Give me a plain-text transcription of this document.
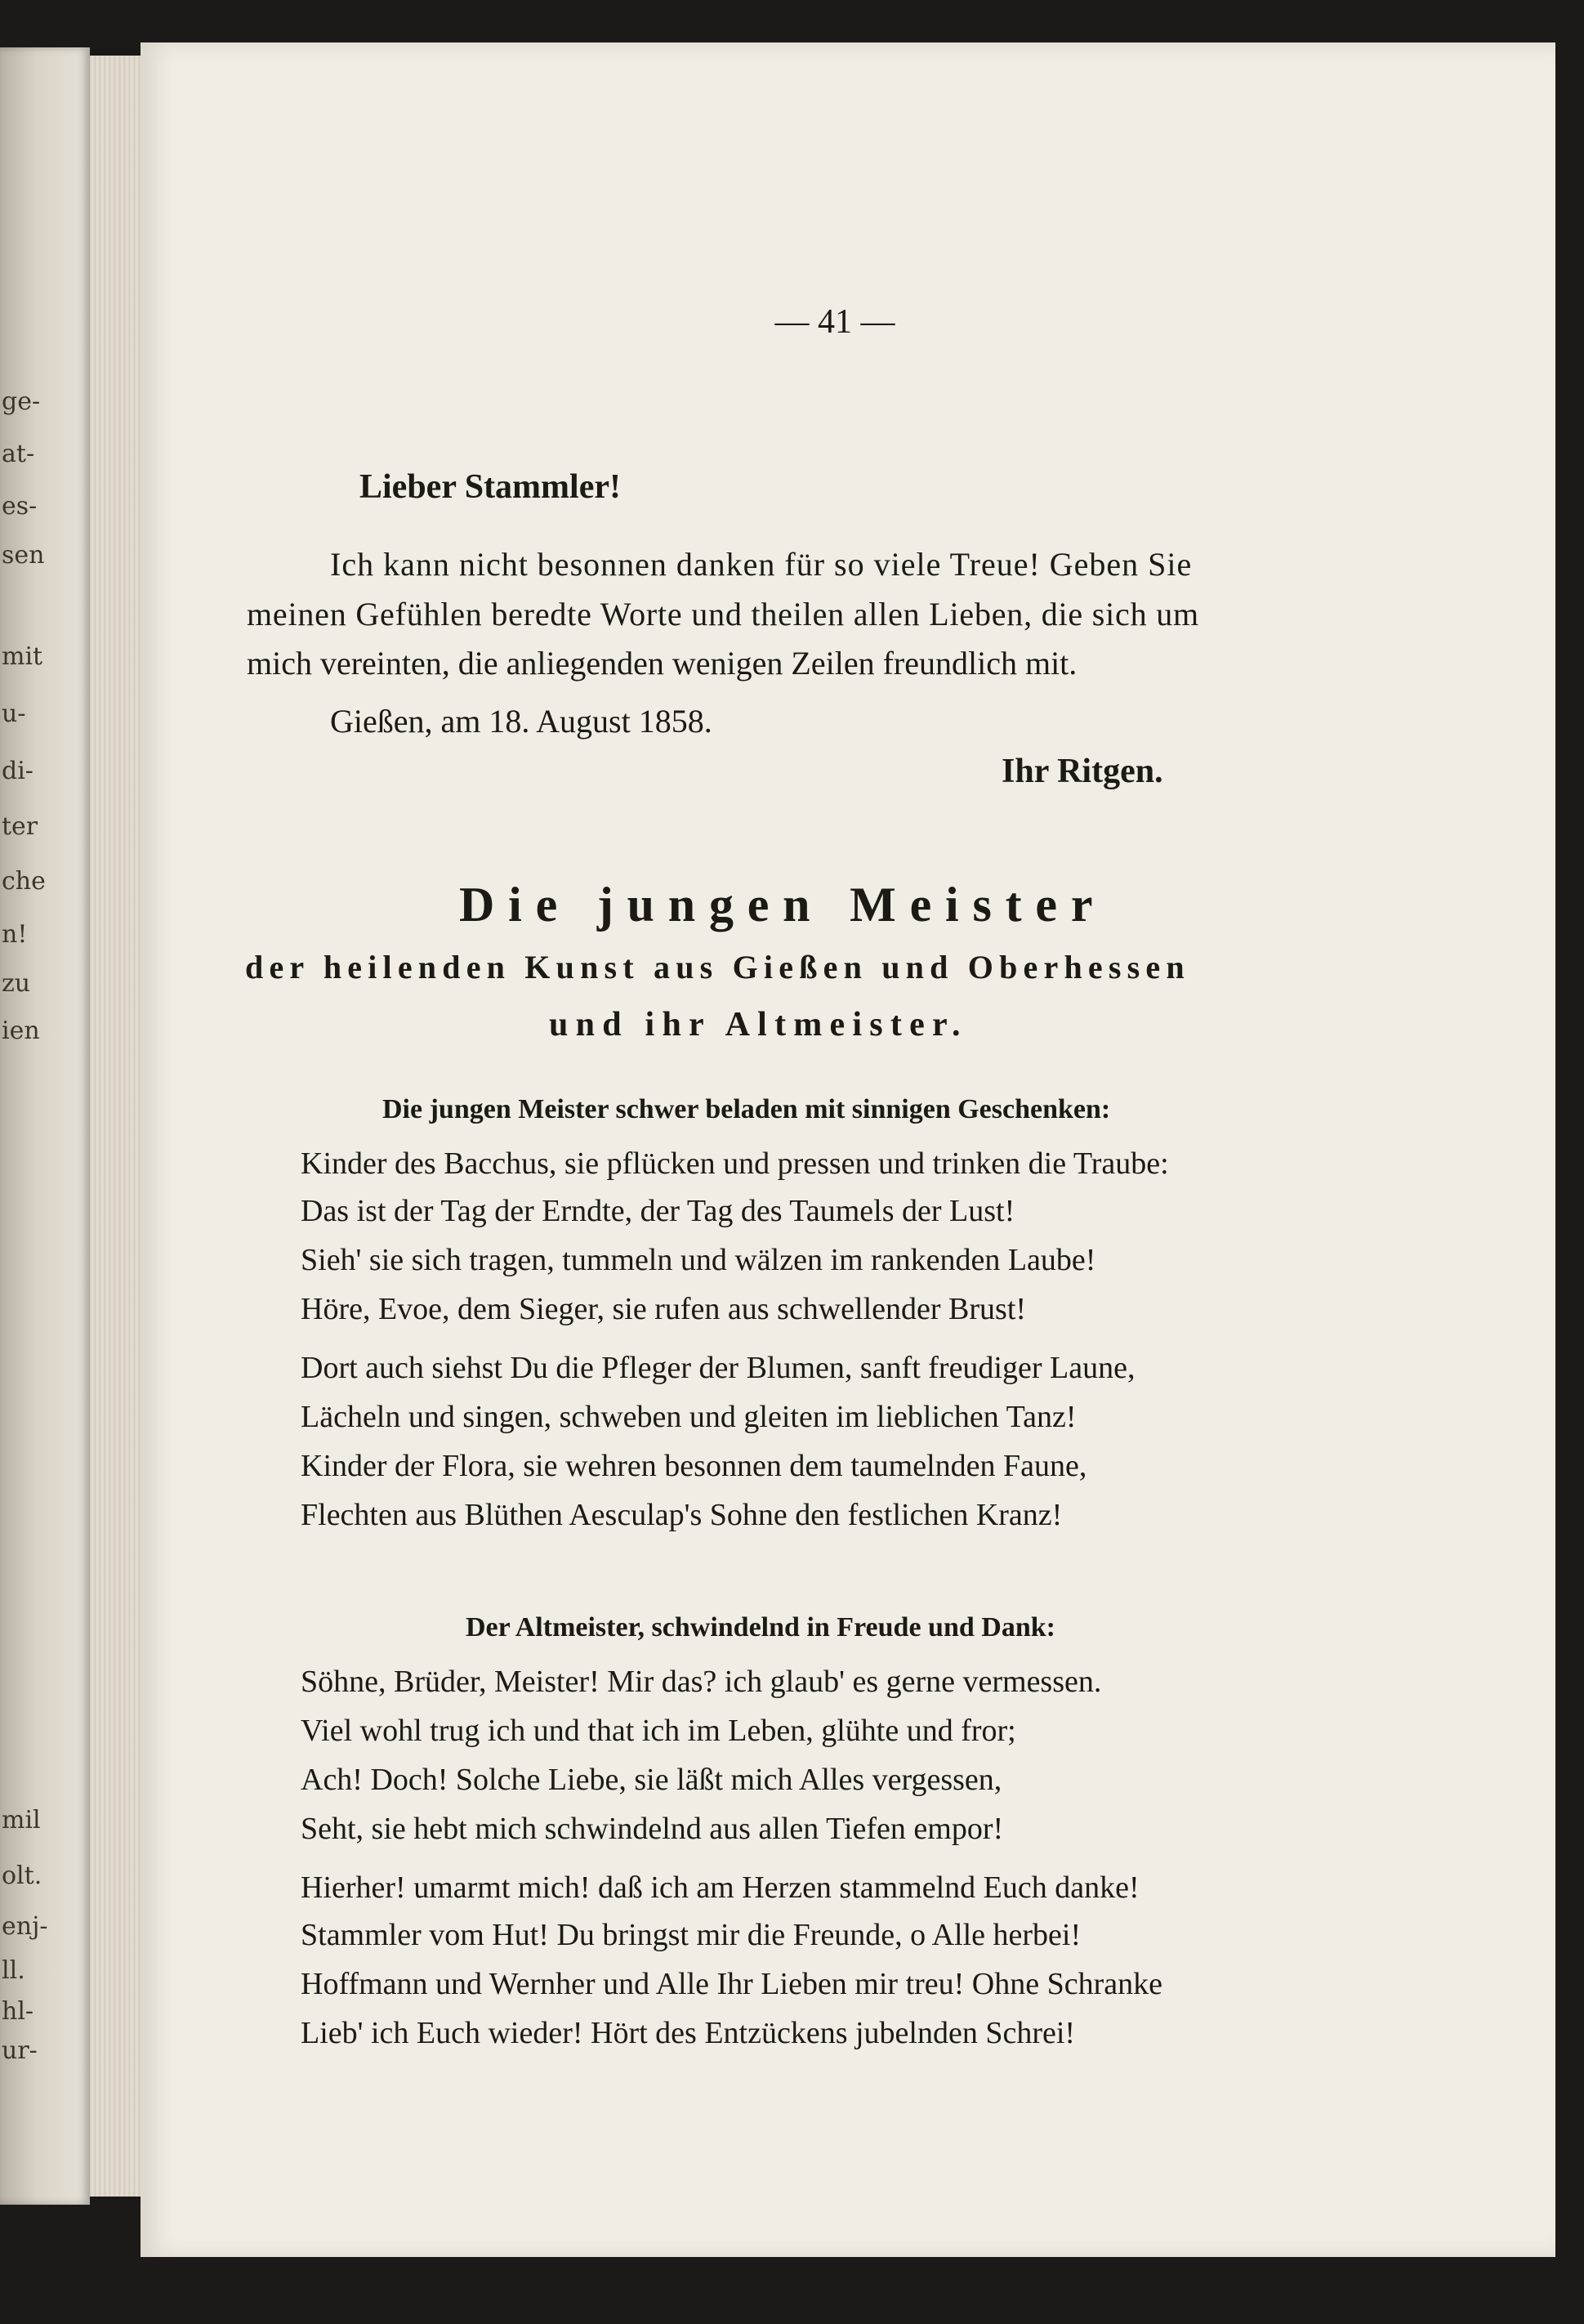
ge-
at-
es-
sen
mit
u-
di-
ter
che
n!
zu
ien
mil
olt.
enj-
ll.
hl-
ur-
— 41 —
Lieber Stammler!
Ich kann nicht besonnen danken für so viele Treue! Geben Sie
meinen Gefühlen beredte Worte und theilen allen Lieben, die sich um
mich vereinten, die anliegenden wenigen Zeilen freundlich mit.
Gießen, am 18. August 1858.
Ihr Ritgen.
Die jungen Meister
der heilenden Kunst aus Gießen und Oberhessen
und ihr Altmeister.
Die jungen Meister schwer beladen mit sinnigen Geschenken:
Kinder des Bacchus, sie pflücken und pressen und trinken die Traube:
Das ist der Tag der Erndte, der Tag des Taumels der Lust!
Sieh' sie sich tragen, tummeln und wälzen im rankenden Laube!
Höre, Evoe, dem Sieger, sie rufen aus schwellender Brust!
Dort auch siehst Du die Pfleger der Blumen, sanft freudiger Laune,
Lächeln und singen, schweben und gleiten im lieblichen Tanz!
Kinder der Flora, sie wehren besonnen dem taumelnden Faune,
Flechten aus Blüthen Aesculap's Sohne den festlichen Kranz!
Der Altmeister, schwindelnd in Freude und Dank:
Söhne, Brüder, Meister! Mir das? ich glaub' es gerne vermessen.
Viel wohl trug ich und that ich im Leben, glühte und fror;
Ach! Doch! Solche Liebe, sie läßt mich Alles vergessen,
Seht, sie hebt mich schwindelnd aus allen Tiefen empor!
Hierher! umarmt mich! daß ich am Herzen stammelnd Euch danke!
Stammler vom Hut! Du bringst mir die Freunde, o Alle herbei!
Hoffmann und Wernher und Alle Ihr Lieben mir treu! Ohne Schranke
Lieb' ich Euch wieder! Hört des Entzückens jubelnden Schrei!
